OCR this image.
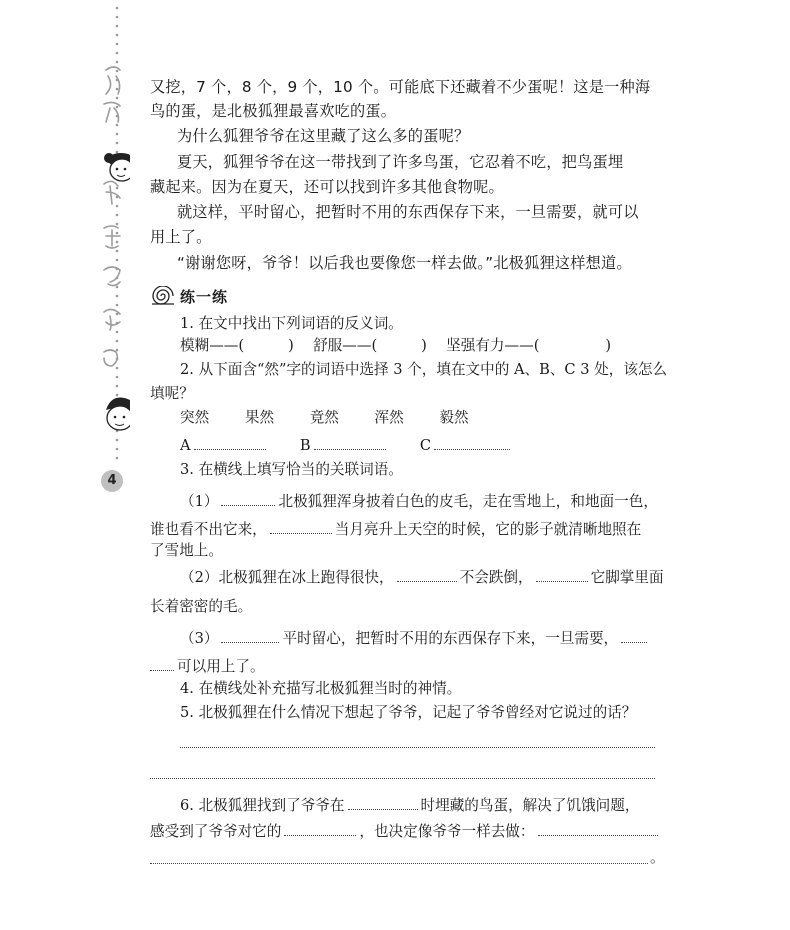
4
又挖，7 个，8 个，9 个，10 个。可能底下还藏着不少蛋呢！这是一种海
鸟的蛋，是北极狐狸最喜欢吃的蛋。
为什么狐狸爷爷在这里藏了这么多的蛋呢？
夏天，狐狸爷爷在这一带找到了许多鸟蛋，它忍着不吃，把鸟蛋埋
藏起来。因为在夏天，还可以找到许多其他食物呢。
就这样，平时留心，把暂时不用的东西保存下来，一旦需要，就可以
用上了。
“谢谢您呀，爷爷！以后我也要像您一样去做。”北极狐狸这样想道。
练一练
1. 在文中找出下列词语的反义词。
模糊——(	) 舒服——(	) 坚强有力——(	)
2. 从下面含“然”字的词语中选择 3 个，填在文中的 A、B、C 3 处，该怎么
填呢？
突然 果然 竟然 浑然 毅然
A	B	C
3. 在横线上填写恰当的关联词语。
（1）	北极狐狸浑身披着白色的皮毛，走在雪地上，和地面一色，
谁也看不出它来，	当月亮升上天空的时候，它的影子就清晰地照在
了雪地上。
（2）北极狐狸在冰上跑得很快，	不会跌倒，	它脚掌里面
长着密密的毛。
（3）	平时留心，把暂时不用的东西保存下来，一旦需要，
可以用上了。
4. 在横线处补充描写北极狐狸当时的神情。
5. 北极狐狸在什么情况下想起了爷爷，记起了爷爷曾经对它说过的话？
6. 北极狐狸找到了爷爷在	时埋藏的鸟蛋，解决了饥饿问题，
感受到了爷爷对它的	，也决定像爷爷一样去做：
。
